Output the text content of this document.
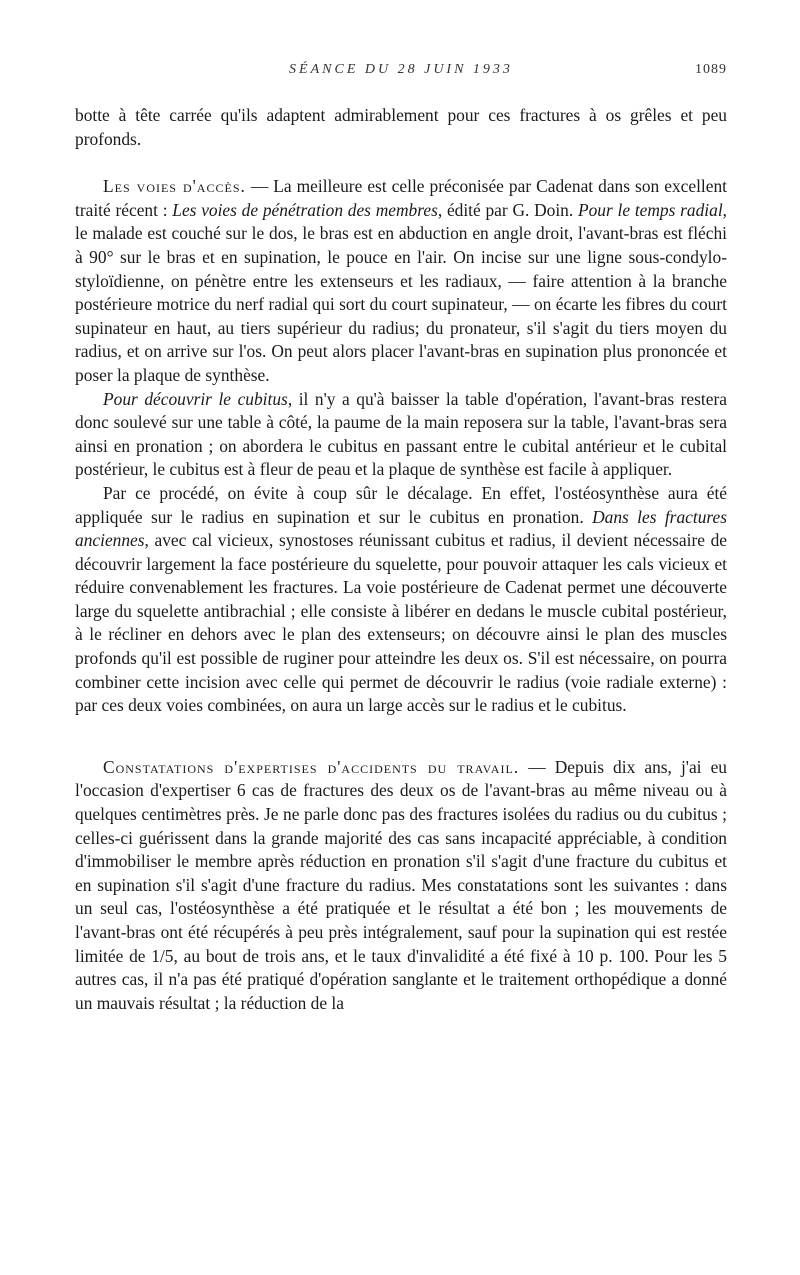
SÉANCE DU 28 JUIN 1933	1089

botte à tête carrée qu'ils adaptent admirablement pour ces fractures à os grêles et peu profonds.

Les voies d'accès. — La meilleure est celle préconisée par Cadenat dans son excellent traité récent : Les voies de pénétration des membres, édité par G. Doin. Pour le temps radial, le malade est couché sur le dos, le bras est en abduction en angle droit, l'avant-bras est fléchi à 90° sur le bras et en supination, le pouce en l'air. On incise sur une ligne sous-condylo-styloïdienne, on pénètre entre les extenseurs et les radiaux, — faire attention à la branche postérieure motrice du nerf radial qui sort du court supinateur, — on écarte les fibres du court supinateur en haut, au tiers supérieur du radius; du pronateur, s'il s'agit du tiers moyen du radius, et on arrive sur l'os. On peut alors placer l'avant-bras en supination plus prononcée et poser la plaque de synthèse.

Pour découvrir le cubitus, il n'y a qu'à baisser la table d'opération, l'avant-bras restera donc soulevé sur une table à côté, la paume de la main reposera sur la table, l'avant-bras sera ainsi en pronation ; on abordera le cubitus en passant entre le cubital antérieur et le cubital postérieur, le cubitus est à fleur de peau et la plaque de synthèse est facile à appliquer.

Par ce procédé, on évite à coup sûr le décalage. En effet, l'ostéosynthèse aura été appliquée sur le radius en supination et sur le cubitus en pronation. Dans les fractures anciennes, avec cal vicieux, synostoses réunissant cubitus et radius, il devient nécessaire de découvrir largement la face postérieure du squelette, pour pouvoir attaquer les cals vicieux et réduire convenablement les fractures. La voie postérieure de Cadenat permet une découverte large du squelette antibrachial ; elle consiste à libérer en dedans le muscle cubital postérieur, à le récliner en dehors avec le plan des extenseurs; on découvre ainsi le plan des muscles profonds qu'il est possible de ruginer pour atteindre les deux os. S'il est nécessaire, on pourra combiner cette incision avec celle qui permet de découvrir le radius (voie radiale externe) : par ces deux voies combinées, on aura un large accès sur le radius et le cubitus.

Constatations d'expertises d'accidents du travail. — Depuis dix ans, j'ai eu l'occasion d'expertiser 6 cas de fractures des deux os de l'avant-bras au même niveau ou à quelques centimètres près. Je ne parle donc pas des fractures isolées du radius ou du cubitus ; celles-ci guérissent dans la grande majorité des cas sans incapacité appréciable, à condition d'immobiliser le membre après réduction en pronation s'il s'agit d'une fracture du cubitus et en supination s'il s'agit d'une fracture du radius. Mes constatations sont les suivantes : dans un seul cas, l'ostéosynthèse a été pratiquée et le résultat a été bon ; les mouvements de l'avant-bras ont été récupérés à peu près intégralement, sauf pour la supination qui est restée limitée de 1/5, au bout de trois ans, et le taux d'invalidité a été fixé à 10 p. 100. Pour les 5 autres cas, il n'a pas été pratiqué d'opération sanglante et le traitement orthopédique a donné un mauvais résultat ; la réduction de la
